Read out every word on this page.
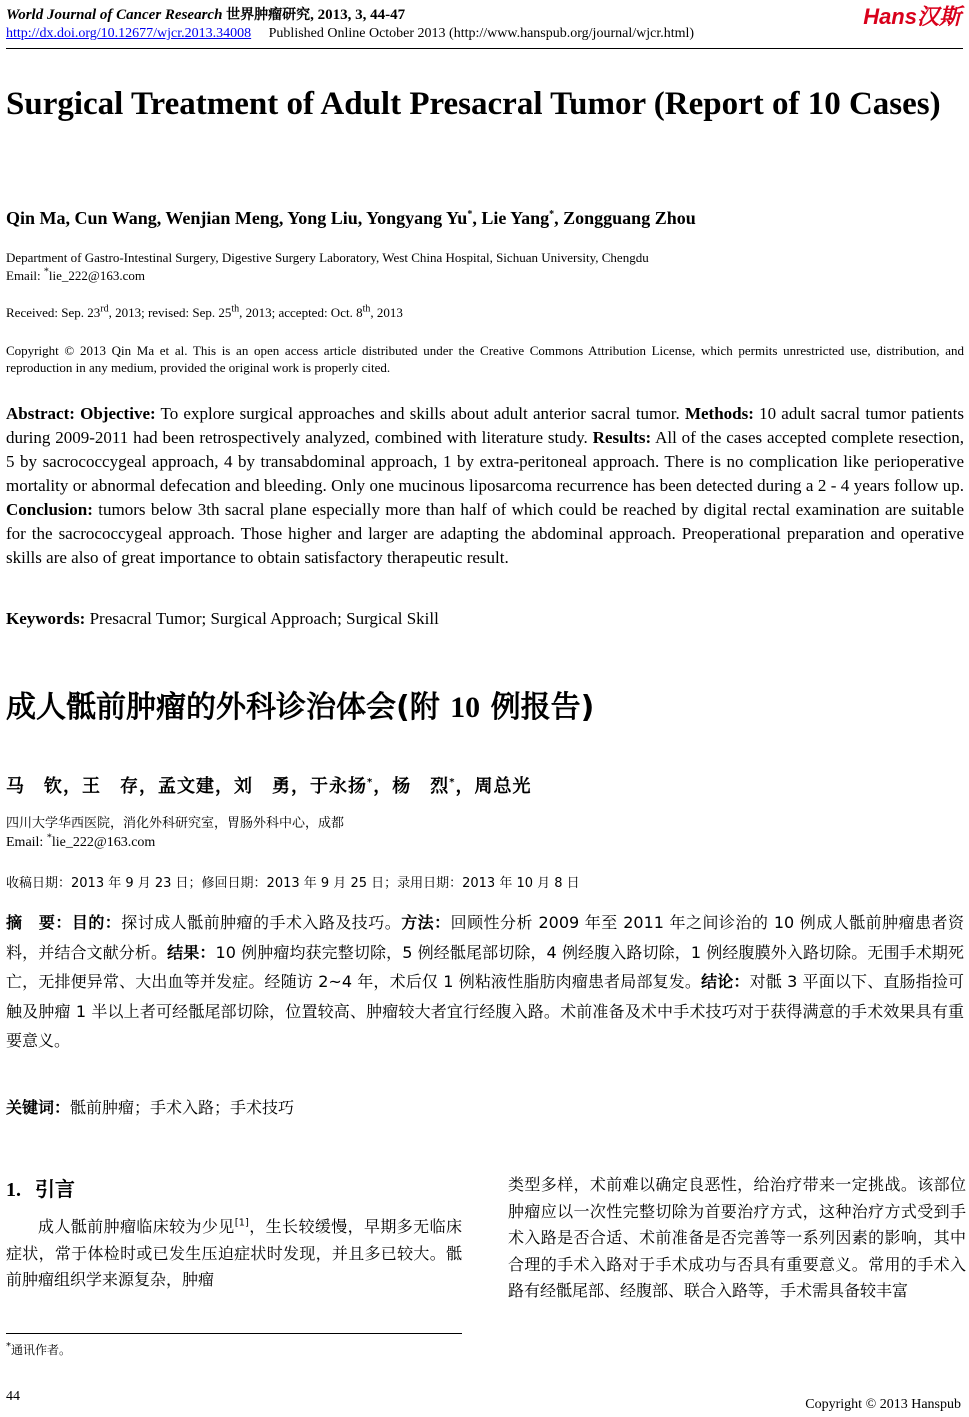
World Journal of Cancer Research 世界肿瘤研究, 2013, 3, 44-47	Hans汉斯
http://dx.doi.org/10.12677/wjcr.2013.34008 Published Online October 2013 (http://www.hanspub.org/journal/wjcr.html)
Surgical Treatment of Adult Presacral Tumor (Report of 10 Cases)
Qin Ma, Cun Wang, Wenjian Meng, Yong Liu, Yongyang Yu*, Lie Yang*, Zongguang Zhou
Department of Gastro-Intestinal Surgery, Digestive Surgery Laboratory, West China Hospital, Sichuan University, Chengdu
Email: *lie_222@163.com
Received: Sep. 23rd, 2013; revised: Sep. 25th, 2013; accepted: Oct. 8th, 2013
Copyright © 2013 Qin Ma et al. This is an open access article distributed under the Creative Commons Attribution License, which permits unrestricted use, distribution, and reproduction in any medium, provided the original work is properly cited.
Abstract: Objective: To explore surgical approaches and skills about adult anterior sacral tumor. Methods: 10 adult sacral tumor patients during 2009-2011 had been retrospectively analyzed, combined with literature study. Results: All of the cases accepted complete resection, 5 by sacrococcygeal approach, 4 by transabdominal approach, 1 by extra-peritoneal approach. There is no complication like perioperative mortality or abnormal defecation and bleeding. Only one mucinous liposarcoma recurrence has been detected during a 2 - 4 years follow up. Conclusion: tumors below 3th sacral plane especially more than half of which could be reached by digital rectal examination are suitable for the sacrococcygeal approach. Those higher and larger are adapting the abdominal approach. Preoperational preparation and operative skills are also of great importance to obtain satisfactory therapeutic result.
Keywords: Presacral Tumor; Surgical Approach; Surgical Skill
成人骶前肿瘤的外科诊治体会(附 10 例报告)
马　钦，王　存，孟文建，刘　勇，于永扬*，杨　烈*，周总光
四川大学华西医院，消化外科研究室，胃肠外科中心，成都
Email: *lie_222@163.com
收稿日期：2013 年 9 月 23 日；修回日期：2013 年 9 月 25 日；录用日期：2013 年 10 月 8 日
摘　要：目的：探讨成人骶前肿瘤的手术入路及技巧。方法：回顾性分析 2009 年至 2011 年之间诊治的 10 例成人骶前肿瘤患者资料，并结合文献分析。结果：10 例肿瘤均获完整切除，5 例经骶尾部切除，4 例经腹入路切除，1 例经腹膜外入路切除。无围手术期死亡，无排便异常、大出血等并发症。经随访 2~4 年，术后仅 1 例粘液性脂肪肉瘤患者局部复发。结论：对骶 3 平面以下、直肠指捡可触及肿瘤 1 半以上者可经骶尾部切除，位置较高、肿瘤较大者宜行经腹入路。术前准备及术中手术技巧对于获得满意的手术效果具有重要意义。
关键词：骶前肿瘤；手术入路；手术技巧
1. 引言
成人骶前肿瘤临床较为少见[1]，生长较缓慢，早期多无临床症状，常于体检时或已发生压迫症状时发现，并且多已较大。骶前肿瘤组织学来源复杂，肿瘤
类型多样，术前难以确定良恶性，给治疗带来一定挑战。该部位肿瘤应以一次性完整切除为首要治疗方式，这种治疗方式受到手术入路是否合适、术前准备是否完善等一系列因素的影响，其中合理的手术入路对于手术成功与否具有重要意义。常用的手术入路有经骶尾部、经腹部、联合入路等，手术需具备较丰富
*通讯作者。
44
Copyright © 2013 Hanspub
